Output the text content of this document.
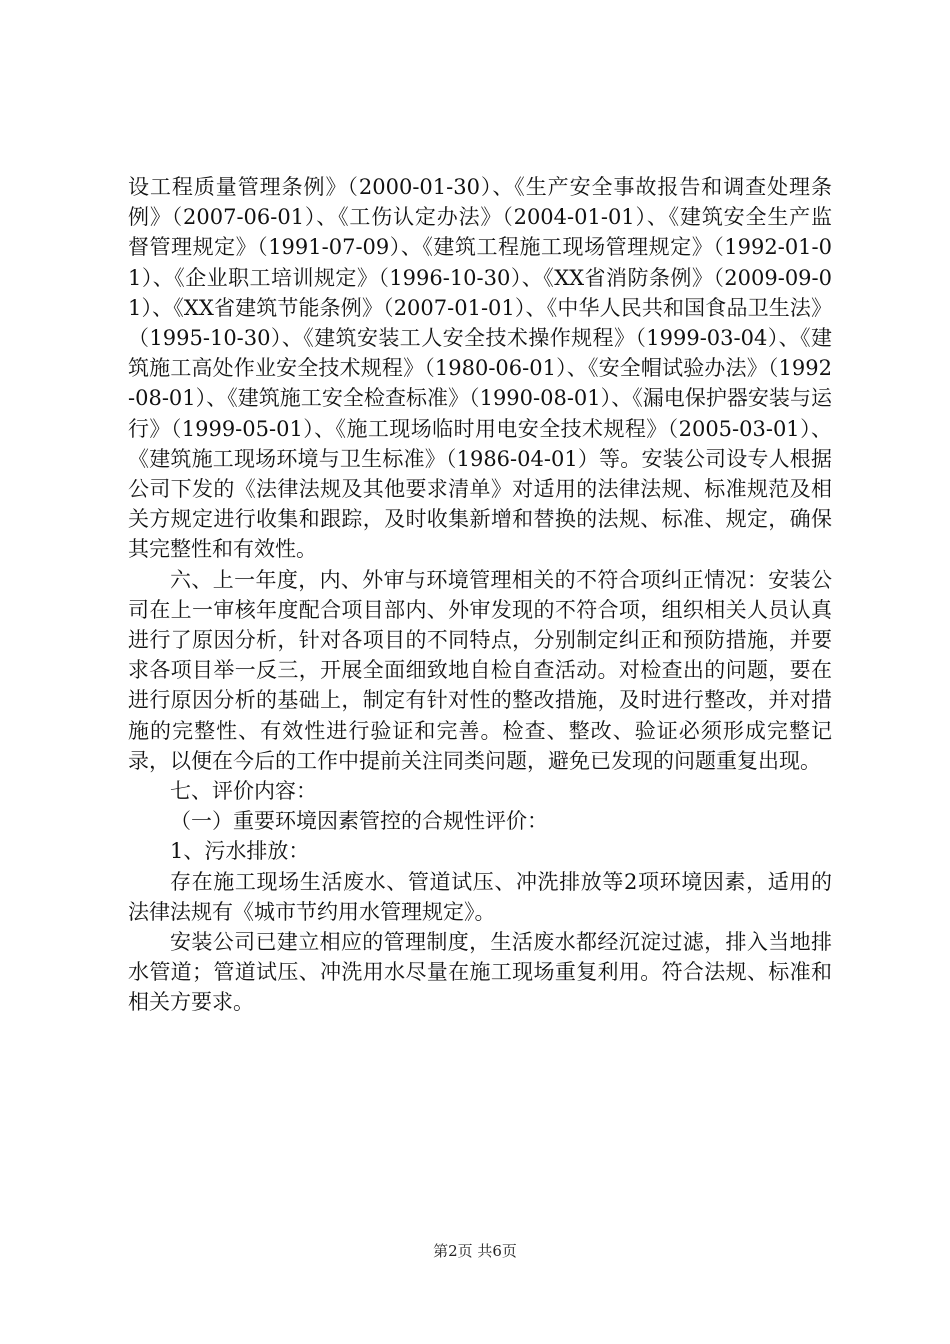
设工程质量管理条例》（2000-01-30）、《生产安全事故报告和调查处理条例》（2007-06-01）、《工伤认定办法》（2004-01-01）、《建筑安全生产监督管理规定》（1991-07-09）、《建筑工程施工现场管理规定》（1992-01-01）、《企业职工培训规定》（1996-10-30）、《XX省消防条例》（2009-09-01）、《XX省建筑节能条例》（2007-01-01）、《中华人民共和国食品卫生法》（1995-10-30）、《建筑安装工人安全技术操作规程》（1999-03-04）、《建筑施工高处作业安全技术规程》（1980-06-01）、《安全帽试验办法》（1992-08-01）、《建筑施工安全检查标准》（1990-08-01）、《漏电保护器安装与运行》（1999-05-01）、《施工现场临时用电安全技术规程》（2005-03-01）、《建筑施工现场环境与卫生标准》（1986-04-01）等。安装公司设专人根据公司下发的《法律法规及其他要求清单》对适用的法律法规、标准规范及相关方规定进行收集和跟踪，及时收集新增和替换的法规、标准、规定，确保其完整性和有效性。

六、上一年度，内、外审与环境管理相关的不符合项纠正情况：安装公司在上一审核年度配合项目部内、外审发现的不符合项，组织相关人员认真进行了原因分析，针对各项目的不同特点，分别制定纠正和预防措施，并要求各项目举一反三，开展全面细致地自检自查活动。对检查出的问题，要在进行原因分析的基础上，制定有针对性的整改措施，及时进行整改，并对措施的完整性、有效性进行验证和完善。检查、整改、验证必须形成完整记录，以便在今后的工作中提前关注同类问题，避免已发现的问题重复出现。

七、评价内容：

（一）重要环境因素管控的合规性评价：

1、污水排放：

存在施工现场生活废水、管道试压、冲洗排放等2项环境因素，适用的法律法规有《城市节约用水管理规定》。

安装公司已建立相应的管理制度，生活废水都经沉淀过滤，排入当地排水管道；管道试压、冲洗用水尽量在施工现场重复利用。符合法规、标准和相关方要求。

第2页 共6页
